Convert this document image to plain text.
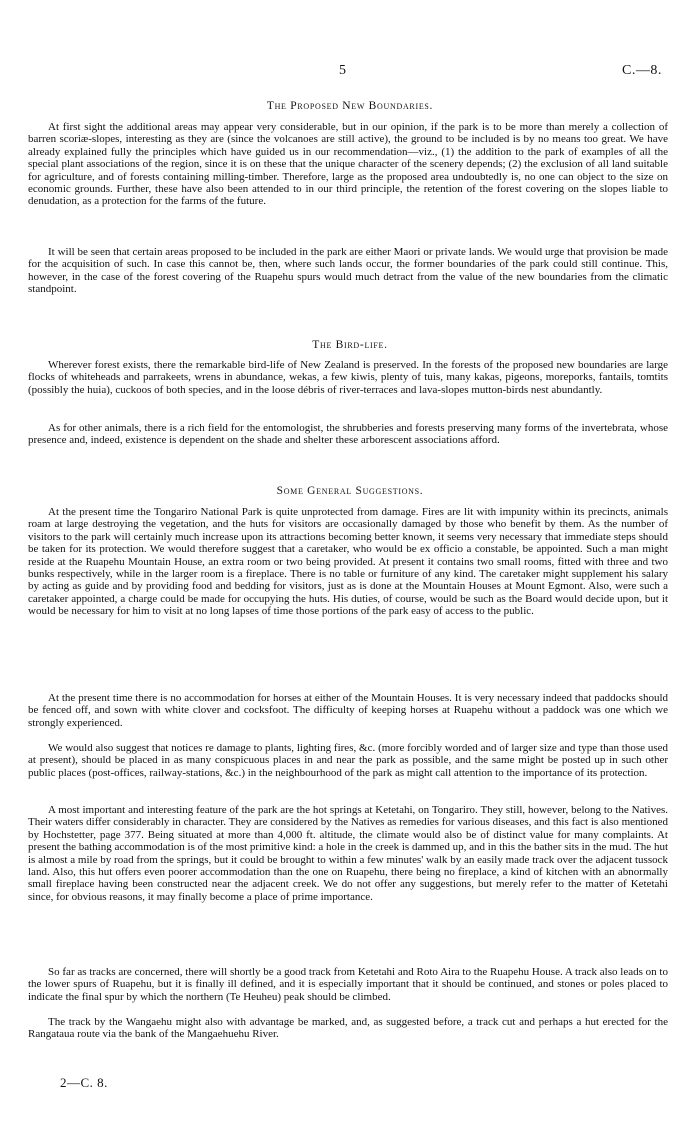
5	C.—8.
The Proposed New Boundaries.

At first sight the additional areas may appear very considerable, but in our opinion, if the park is to be more than merely a collection of barren scoriæ-slopes, interesting as they are (since the volcanoes are still active), the ground to be included is by no means too great. We have already explained fully the principles which have guided us in our recommendation—viz., (1) the addition to the park of examples of all the special plant associations of the region, since it is on these that the unique character of the scenery depends; (2) the exclusion of all land suitable for agriculture, and of forests containing milling-timber. Therefore, large as the proposed area undoubtedly is, no one can object to the size on economic grounds. Further, these have also been attended to in our third principle, the retention of the forest covering on the slopes liable to denudation, as a protection for the farms of the future.

It will be seen that certain areas proposed to be included in the park are either Maori or private lands. We would urge that provision be made for the acquisition of such. In case this cannot be, then, where such lands occur, the former boundaries of the park could still continue. This, however, in the case of the forest covering of the Ruapehu spurs would much detract from the value of the new boundaries from the climatic standpoint.

The Bird-life.

Wherever forest exists, there the remarkable bird-life of New Zealand is preserved. In the forests of the proposed new boundaries are large flocks of whiteheads and parrakeets, wrens in abundance, wekas, a few kiwis, plenty of tuis, many kakas, pigeons, moreporks, fantails, tomtits (possibly the huia), cuckoos of both species, and in the loose débris of river-terraces and lava-slopes mutton-birds nest abundantly.

As for other animals, there is a rich field for the entomologist, the shrubberies and forests preserving many forms of the invertebrata, whose presence and, indeed, existence is dependent on the shade and shelter these arborescent associations afford.

Some General Suggestions.

At the present time the Tongariro National Park is quite unprotected from damage. Fires are lit with impunity within its precincts, animals roam at large destroying the vegetation, and the huts for visitors are occasionally damaged by those who benefit by them. As the number of visitors to the park will certainly much increase upon its attractions becoming better known, it seems very necessary that immediate steps should be taken for its protection. We would therefore suggest that a caretaker, who would be ex officio a constable, be appointed. Such a man might reside at the Ruapehu Mountain House, an extra room or two being provided. At present it contains two small rooms, fitted with three and two bunks respectively, while in the larger room is a fireplace. There is no table or furniture of any kind. The caretaker might supplement his salary by acting as guide and by providing food and bedding for visitors, just as is done at the Mountain Houses at Mount Egmont. Also, were such a caretaker appointed, a charge could be made for occupying the huts. His duties, of course, would be such as the Board would decide upon, but it would be necessary for him to visit at no long lapses of time those portions of the park easy of access to the public.

At the present time there is no accommodation for horses at either of the Mountain Houses. It is very necessary indeed that paddocks should be fenced off, and sown with white clover and cocksfoot. The difficulty of keeping horses at Ruapehu without a paddock was one which we strongly experienced.

We would also suggest that notices re damage to plants, lighting fires, &c. (more forcibly worded and of larger size and type than those used at present), should be placed in as many conspicuous places in and near the park as possible, and the same might be posted up in such other public places (post-offices, railway-stations, &c.) in the neighbourhood of the park as might call attention to the importance of its protection.

A most important and interesting feature of the park are the hot springs at Ketetahi, on Tongariro. They still, however, belong to the Natives. Their waters differ considerably in character. They are considered by the Natives as remedies for various diseases, and this fact is also mentioned by Hochstetter, page 377. Being situated at more than 4,000 ft. altitude, the climate would also be of distinct value for many complaints. At present the bathing accommodation is of the most primitive kind: a hole in the creek is dammed up, and in this the bather sits in the mud. The hut is almost a mile by road from the springs, but it could be brought to within a few minutes' walk by an easily made track over the adjacent tussock land. Also, this hut offers even poorer accommodation than the one on Ruapehu, there being no fireplace, a kind of kitchen with an abnormally small fireplace having been constructed near the adjacent creek. We do not offer any suggestions, but merely refer to the matter of Ketetahi since, for obvious reasons, it may finally become a place of prime importance.

So far as tracks are concerned, there will shortly be a good track from Ketetahi and Roto Aira to the Ruapehu House. A track also leads on to the lower spurs of Ruapehu, but it is finally ill defined, and it is especially important that it should be continued, and stones or poles placed to indicate the final spur by which the northern (Te Heuheu) peak should be climbed.

The track by the Wangaehu might also with advantage be marked, and, as suggested before, a track cut and perhaps a hut erected for the Rangataua route via the bank of the Mangaehuehu River.

2—C. 8.
